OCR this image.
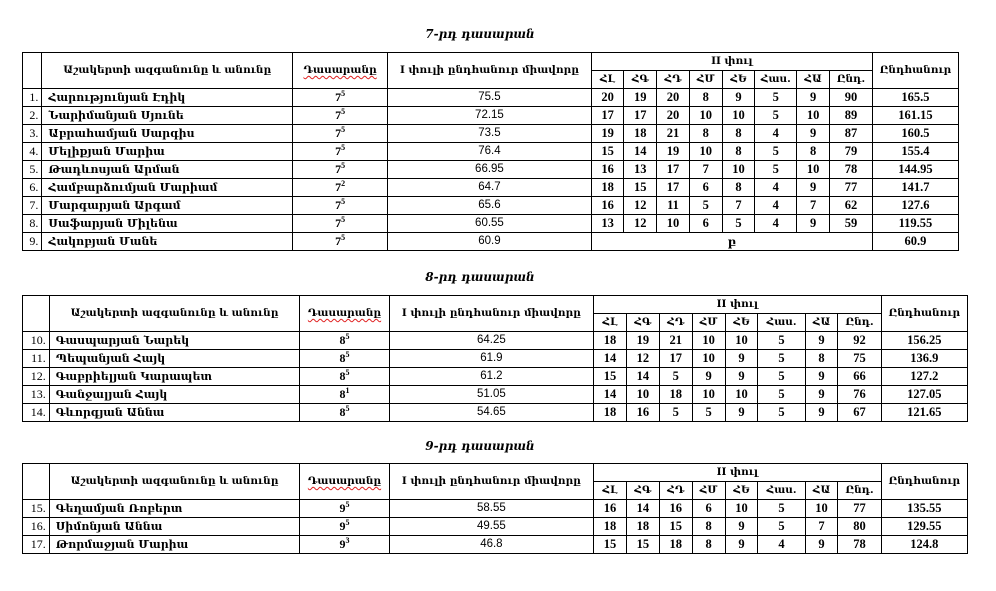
7-րդ դասարան
	Աշակերտի ազգանունը և անունը	Դասարանը	I փուլի ընդհանուր միավորը	II փուլ								Ընդհանուր
				ՀԼ	ՀԳ	ՀԴ	ՀՄ	ՀԵ	Հաս.	ՀԱ	Ընդ.	
1.	Հարությունյան Էդիկ	$7^5$	75.5	20	19	20	8	9	5	9	90	165.5
2.	Նարիմանյան Սյունե	$7^5$	72.15	17	17	20	10	10	5	10	89	161.15
3.	Աբրահամյան Սարգիս	$7^5$	73.5	19	18	21	8	8	4	9	87	160.5
4.	Մելիքյան Մարիա	$7^5$	76.4	15	14	19	10	8	5	8	79	155.4
5.	Թադևոսյան Արման	$7^5$	66.95	16	13	17	7	10	5	10	78	144.95
6.	Համբարձումյան Մարիամ	$7^2$	64.7	18	15	17	6	8	4	9	77	141.7
7.	Մարգարյան Արգամ	$7^5$	65.6	16	12	11	5	7	4	7	62	127.6
8.	Սաֆարյան Միլենա	$7^5$	60.55	13	12	10	6	5	4	9	59	119.55
9.	Հակոբյան Մանե	$7^5$	60.9	բ								60.9
8-րդ դասարան
	Աշակերտի ազգանունը և անունը	Դասարանը	I փուլի ընդհանուր միավորը	II փուլ								Ընդհանուր
				ՀԼ	ՀԳ	ՀԴ	ՀՄ	ՀԵ	Հաս.	ՀԱ	Ընդ.	
10.	Գասպարյան Նարեկ	$8^5$	64.25	18	19	21	10	10	5	9	92	156.25
11.	Պեպանյան Հայկ	$8^5$	61.9	14	12	17	10	9	5	8	75	136.9
12.	Գաբրիելյան Կարապետ	$8^5$	61.2	15	14	5	9	9	5	9	66	127.2
13.	Գանջալյան Հայկ	$8^1$	51.05	14	10	18	10	10	5	9	76	127.05
14.	Գևորգյան Աննա	$8^5$	54.65	18	16	5	5	9	5	9	67	121.65
9-րդ դասարան
	Աշակերտի ազգանունը և անունը	Դասարանը	I փուլի ընդհանուր միավորը	II փուլ								Ընդհանուր
				ՀԼ	ՀԳ	ՀԴ	ՀՄ	ՀԵ	Հաս.	ՀԱ	Ընդ.	
15.	Գեղամյան Ռոբերտ	$9^5$	58.55	16	14	16	6	10	5	10	77	135.55
16.	Սիմոնյան Աննա	$9^5$	49.55	18	18	15	8	9	5	7	80	129.55
17.	Թորմաջյան Մարիա	$9^3$	46.8	15	15	18	8	9	4	9	78	124.8
